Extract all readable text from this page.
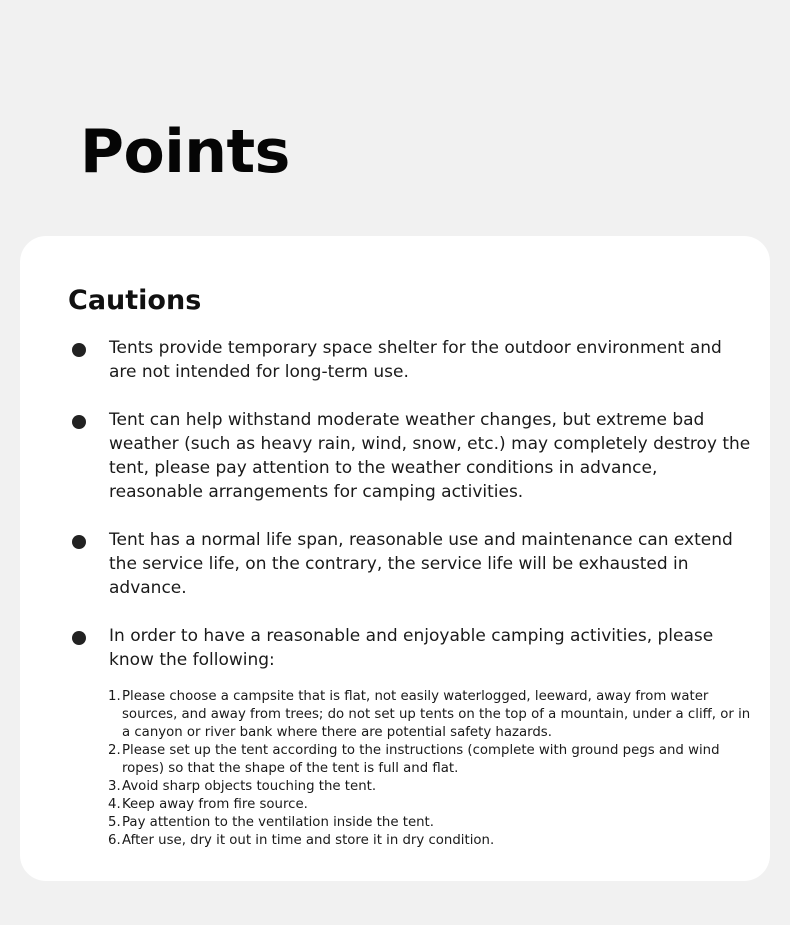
Points
Cautions
Tents provide temporary space shelter for the outdoor environment and are not intended for long-term use.
Tent can help withstand moderate weather changes, but extreme bad weather (such as heavy rain, wind, snow, etc.) may completely destroy the tent, please pay attention to the weather conditions in advance, reasonable arrangements for camping activities.
Tent has a normal life span, reasonable use and maintenance can extend the service life, on the contrary, the service life will be exhausted in advance.
In order to have a reasonable and enjoyable camping activities, please know the following:
1. Please choose a campsite that is flat, not easily waterlogged, leeward, away from water sources, and away from trees; do not set up tents on the top of a mountain, under a cliff, or in a canyon or river bank where there are potential safety hazards.
2. Please set up the tent according to the instructions (complete with ground pegs and wind ropes) so that the shape of the tent is full and flat.
3. Avoid sharp objects touching the tent.
4. Keep away from fire source.
5. Pay attention to the ventilation inside the tent.
6. After use, dry it out in time and store it in dry condition.
